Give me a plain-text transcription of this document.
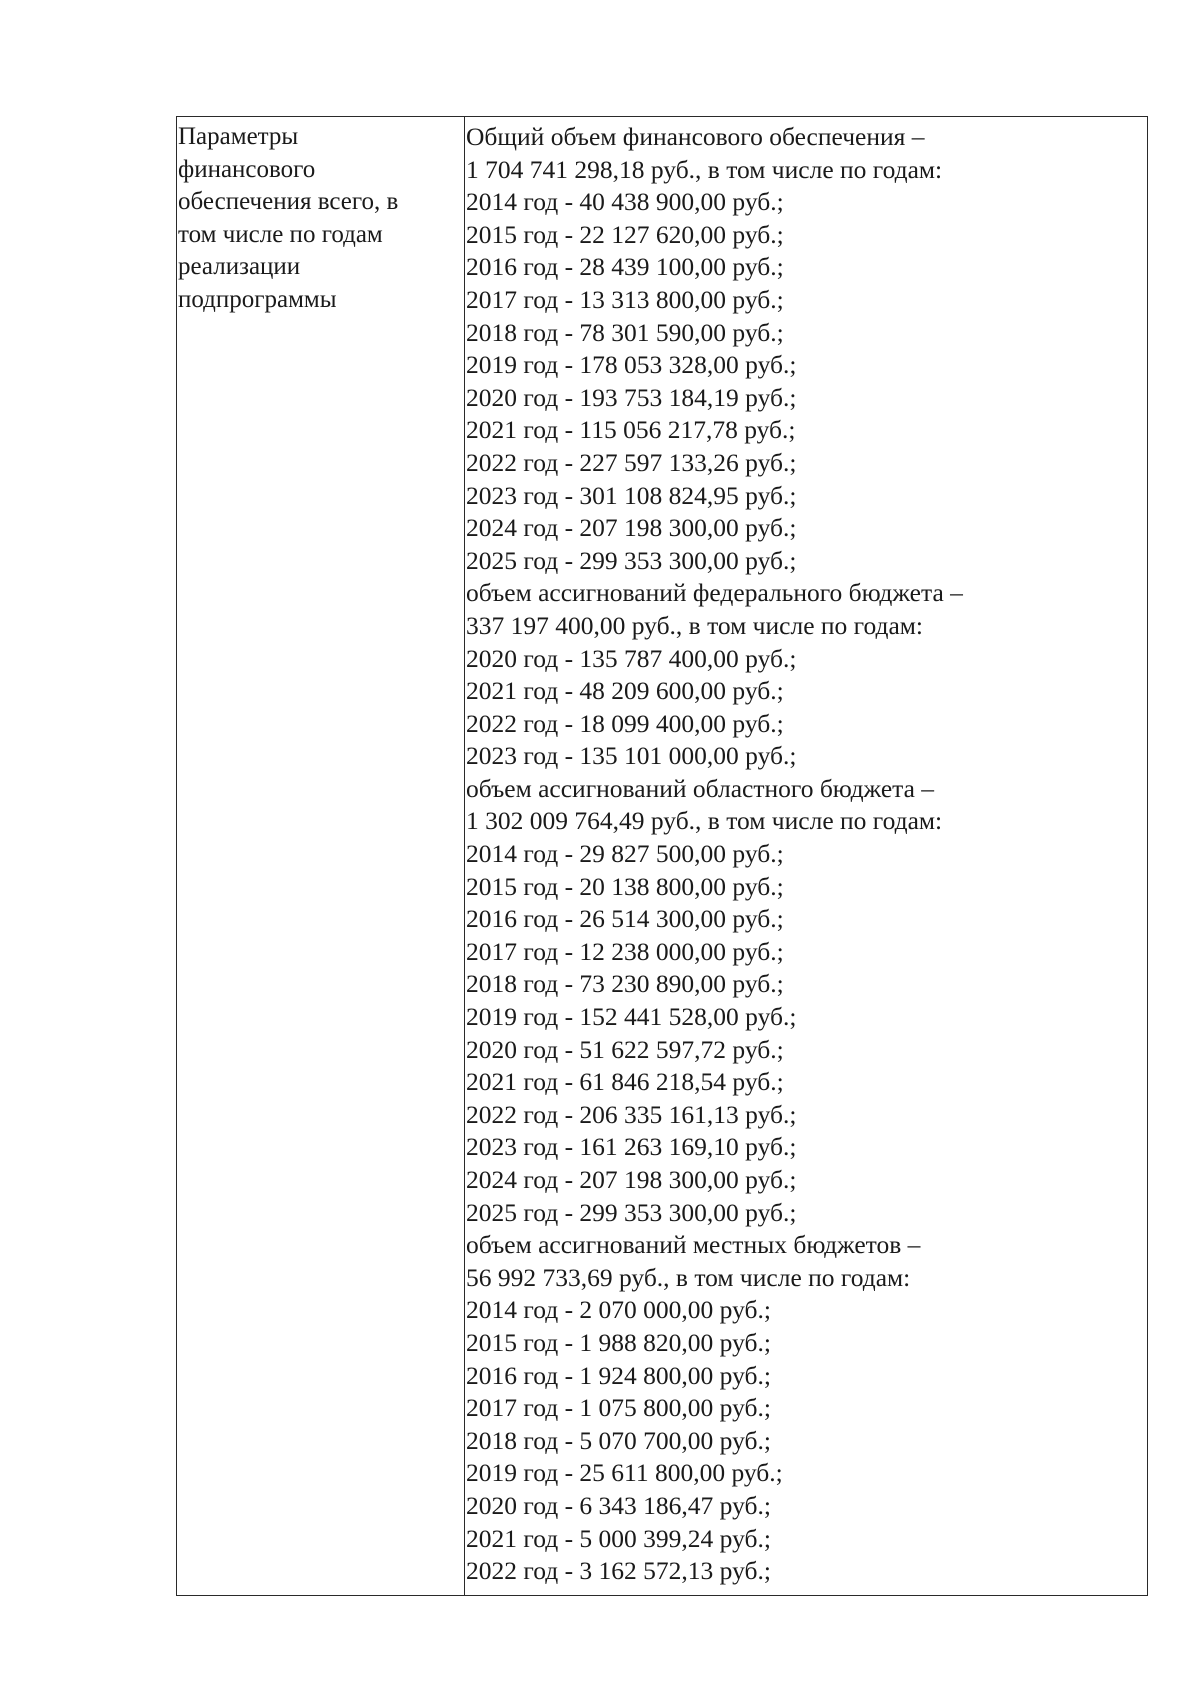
Параметры
финансового
обеспечения всего, в
том числе по годам
реализации
подпрограммы
Общий объем финансового обеспечения –
1 704 741 298,18 руб., в том числе по годам:
2014 год - 40 438 900,00 руб.;
2015 год - 22 127 620,00 руб.;
2016 год - 28 439 100,00 руб.;
2017 год - 13 313 800,00 руб.;
2018 год - 78 301 590,00 руб.;
2019 год - 178 053 328,00 руб.;
2020 год - 193 753 184,19 руб.;
2021 год - 115 056 217,78 руб.;
2022 год - 227 597 133,26 руб.;
2023 год - 301 108 824,95 руб.;
2024 год - 207 198 300,00 руб.;
2025 год - 299 353 300,00 руб.;
объем ассигнований федерального бюджета –
337 197 400,00 руб., в том числе по годам:
2020 год - 135 787 400,00 руб.;
2021 год - 48 209 600,00 руб.;
2022 год - 18 099 400,00 руб.;
2023 год - 135 101 000,00 руб.;
объем ассигнований областного бюджета –
1 302 009 764,49 руб., в том числе по годам:
2014 год - 29 827 500,00 руб.;
2015 год - 20 138 800,00 руб.;
2016 год - 26 514 300,00 руб.;
2017 год - 12 238 000,00 руб.;
2018 год - 73 230 890,00 руб.;
2019 год - 152 441 528,00 руб.;
2020 год - 51 622 597,72 руб.;
2021 год - 61 846 218,54 руб.;
2022 год - 206 335 161,13 руб.;
2023 год - 161 263 169,10 руб.;
2024 год - 207 198 300,00 руб.;
2025 год - 299 353 300,00 руб.;
объем ассигнований местных бюджетов –
56 992 733,69 руб., в том числе по годам:
2014 год - 2 070 000,00 руб.;
2015 год - 1 988 820,00 руб.;
2016 год - 1 924 800,00 руб.;
2017 год - 1 075 800,00 руб.;
2018 год - 5 070 700,00 руб.;
2019 год - 25 611 800,00 руб.;
2020 год - 6 343 186,47 руб.;
2021 год - 5 000 399,24 руб.;
2022 год - 3 162 572,13 руб.;
